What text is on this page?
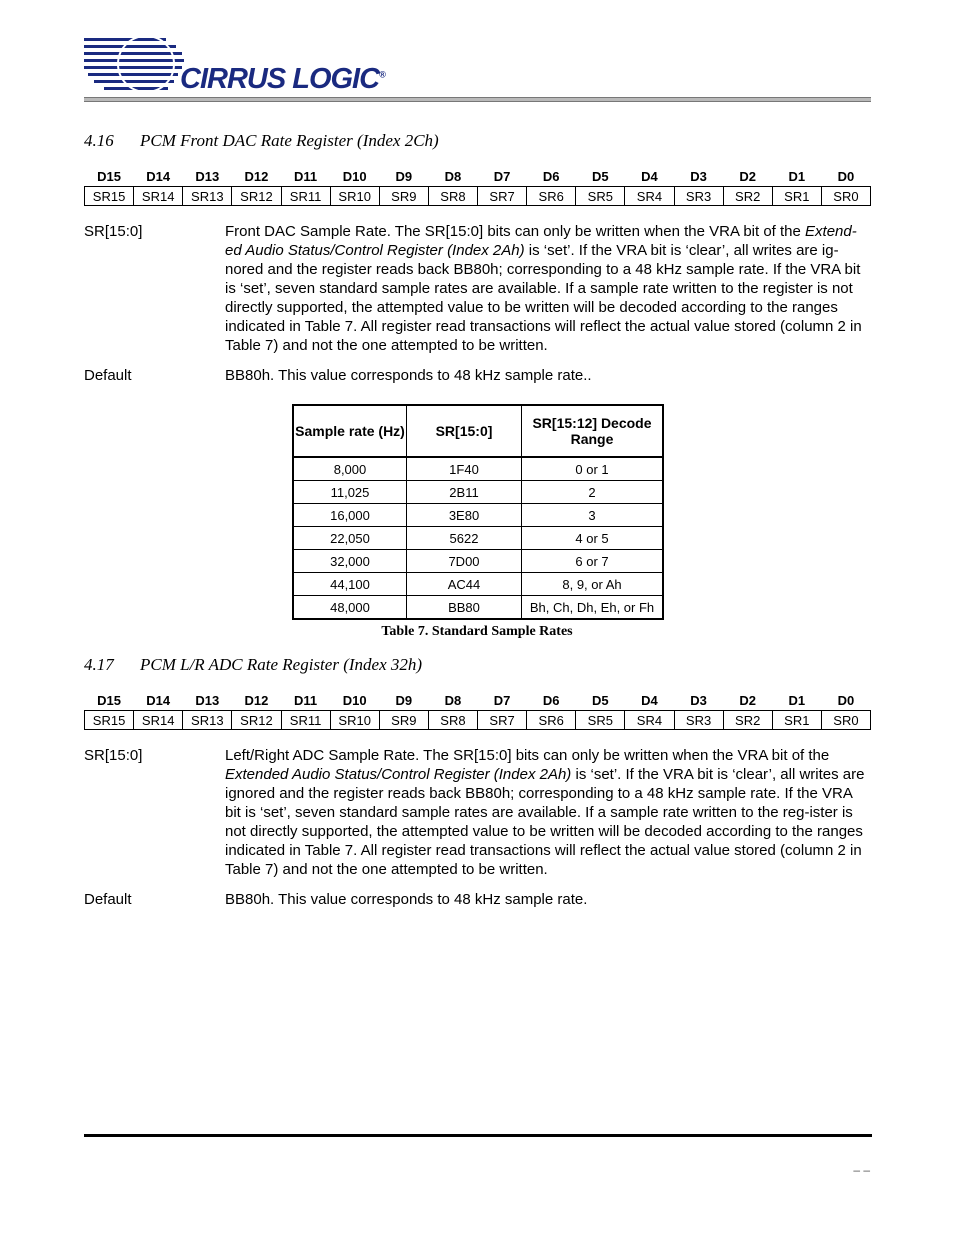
CIRRUS LOGIC®
4.16 PCM Front DAC Rate Register (Index 2Ch)
D15	D14	D13	D12	D11	D10	D9	D8	D7	D6	D5	D4	D3	D2	D1	D0
SR15	SR14	SR13	SR12	SR11	SR10	SR9	SR8	SR7	SR6	SR5	SR4	SR3	SR2	SR1	SR0
SR[15:0]	Front DAC Sample Rate. The SR[15:0] bits can only be written when the VRA bit of the Extend-ed Audio Status/Control Register (Index 2Ah) is ‘set’. If the VRA bit is ‘clear’, all writes are ig-nored and the register reads back BB80h; corresponding to a 48 kHz sample rate. If the VRA bit is ‘set’, seven standard sample rates are available. If a sample rate written to the register is not directly supported, the attempted value to be written will be decoded according to the ranges indicated in Table 7. All register read transactions will reflect the actual value stored (column 2 in Table 7) and not the one attempted to be written.
Default	BB80h. This value corresponds to 48 kHz sample rate..
Sample rate (Hz)	SR[15:0]	SR[15:12] Decode Range
8,000	1F40	0 or 1
11,025	2B11	2
16,000	3E80	3
22,050	5622	4 or 5
32,000	7D00	6 or 7
44,100	AC44	8, 9, or Ah
48,000	BB80	Bh, Ch, Dh, Eh, or Fh
Table 7. Standard Sample Rates
4.17 PCM L/R ADC Rate Register (Index 32h)
D15	D14	D13	D12	D11	D10	D9	D8	D7	D6	D5	D4	D3	D2	D1	D0
SR15	SR14	SR13	SR12	SR11	SR10	SR9	SR8	SR7	SR6	SR5	SR4	SR3	SR2	SR1	SR0
SR[15:0]	Left/Right ADC Sample Rate. The SR[15:0] bits can only be written when the VRA bit of the Extended Audio Status/Control Register (Index 2Ah) is ‘set’. If the VRA bit is ‘clear’, all writes are ignored and the register reads back BB80h; corresponding to a 48 kHz sample rate. If the VRA bit is ‘set’, seven standard sample rates are available. If a sample rate written to the reg-ister is not directly supported, the attempted value to be written will be decoded according to the ranges indicated in Table 7. All register read transactions will reflect the actual value stored (column 2 in Table 7) and not the one attempted to be written.
Default	BB80h. This value corresponds to 48 kHz sample rate.
– –
